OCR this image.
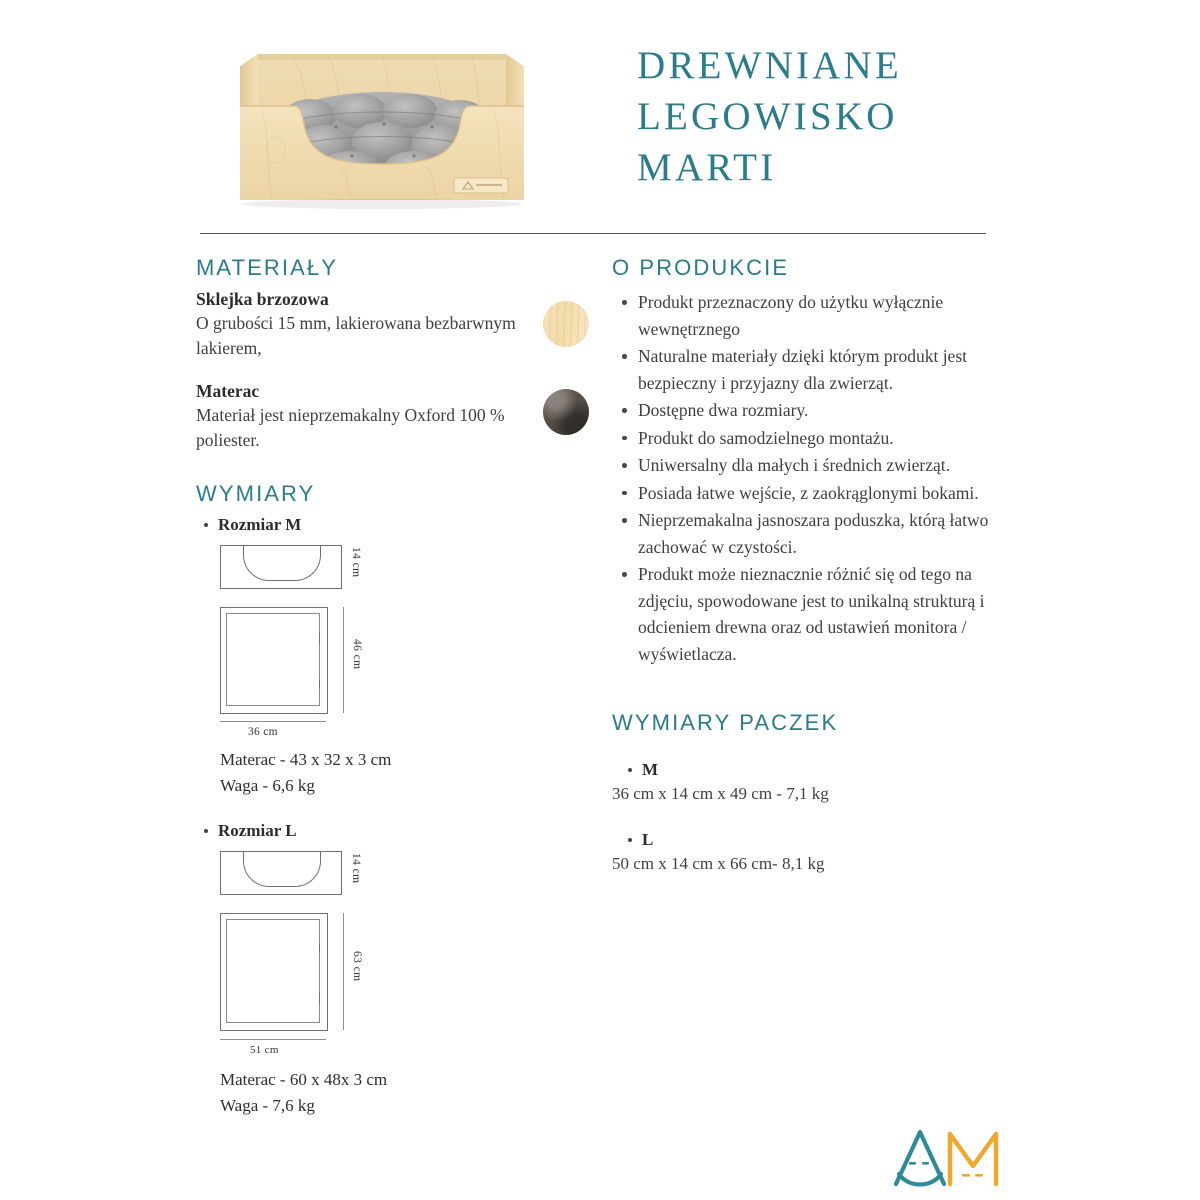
DREWNIANE
LEGOWISKO
MARTI
MATERIAŁY

Sklejka brzozowa

O grubości 15 mm, lakierowana bezbarwnym lakierem,

Materac

Materiał jest nieprzemakalny Oxford 100 % poliester.

WYMIARY

Rozmiar M

14 cm
46 cm
36 cm

Materac - 43 x 32 x 3 cm

Waga - 6,6 kg

Rozmiar L

14 cm
63 cm
51 cm

Materac - 60 x 48x 3 cm

Waga - 7,6 kg

O PRODUKCIE
Produkt przeznaczony do użytku wyłącznie wewnętrznego
Naturalne materiały dzięki którym produkt jest bezpieczny i przyjazny dla zwierząt.
Dostępne dwa rozmiary.
Produkt do samodzielnego montażu.
Uniwersalny dla małych i średnich zwierząt.
Posiada łatwe wejście, z zaokrąglonymi bokami.
Nieprzemakalna jasnoszara poduszka, którą łatwo zachować w czystości.
Produkt może nieznacznie różnić się od tego na zdjęciu, spowodowane jest to unikalną strukturą i odcieniem drewna oraz od ustawień monitora / wyświetlacza.
WYMIARY PACZEK

M

36 cm x 14 cm x 49 cm - 7,1 kg

L

50 cm x 14 cm x 66 cm- 8,1 kg
